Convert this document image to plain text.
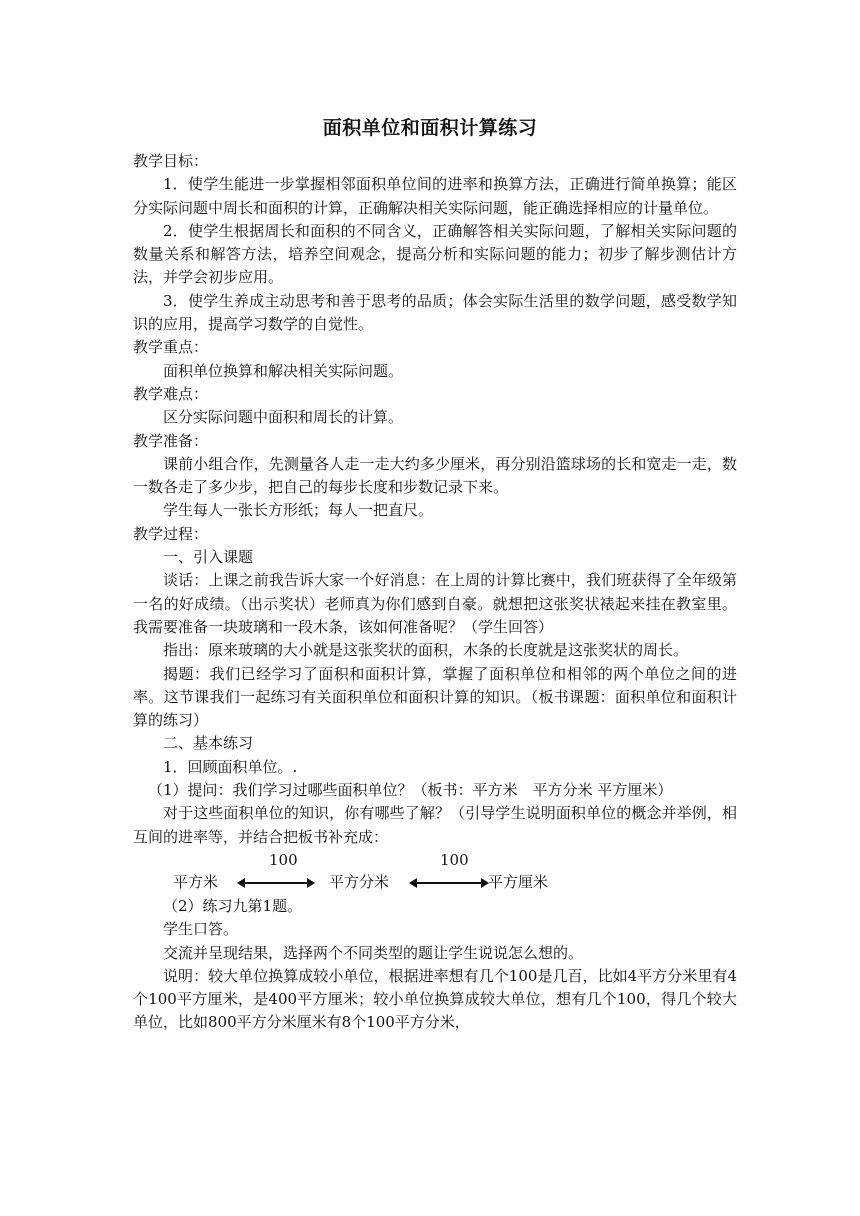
面积单位和面积计算练习

教学目标：

1．使学生能进一步掌握相邻面积单位间的进率和换算方法，正确进行简单换算；能区分实际问题中周长和面积的计算，正确解决相关实际问题，能正确选择相应的计量单位。

2．使学生根据周长和面积的不同含义，正确解答相关实际问题，了解相关实际问题的数量关系和解答方法，培养空间观念，提高分析和实际问题的能力；初步了解步测估计方法，并学会初步应用。

3．使学生养成主动思考和善于思考的品质；体会实际生活里的数学问题，感受数学知识的应用，提高学习数学的自觉性。

教学重点：

面积单位换算和解决相关实际问题。

教学难点：

区分实际问题中面积和周长的计算。

教学准备：

课前小组合作，先测量各人走一走大约多少厘米，再分别沿篮球场的长和宽走一走，数一数各走了多少步，把自己的每步长度和步数记录下来。

学生每人一张长方形纸；每人一把直尺。

教学过程：

一、引入课题

谈话：上课之前我告诉大家一个好消息：在上周的计算比赛中，我们班获得了全年级第一名的好成绩。（出示奖状）老师真为你们感到自豪。就想把这张奖状裱起来挂在教室里。我需要准备一块玻璃和一段木条，该如何准备呢？（学生回答）

指出：原来玻璃的大小就是这张奖状的面积，木条的长度就是这张奖状的周长。

揭题：我们已经学习了面积和面积计算，掌握了面积单位和相邻的两个单位之间的进率。这节课我们一起练习有关面积单位和面积计算的知识。（板书课题：面积单位和面积计算的练习）

二、基本练习

1．回顾面积单位。.

（1）提问：我们学习过哪些面积单位？（板书：平方米　平方分米 平方厘米）

对于这些面积单位的知识，你有哪些了解？（引导学生说明面积单位的概念并举例，相互间的进率等，并结合把板书补充成：

100	100
平方米	平方分米	平方厘米

（2）练习九第1题。

学生口答。

交流并呈现结果，选择两个不同类型的题让学生说说怎么想的。

说明：较大单位换算成较小单位，根据进率想有几个100是几百，比如4平方分米里有4个100平方厘米，是400平方厘米；较小单位换算成较大单位，想有几个100，得几个较大单位，比如800平方分米厘米有8个100平方分米，
